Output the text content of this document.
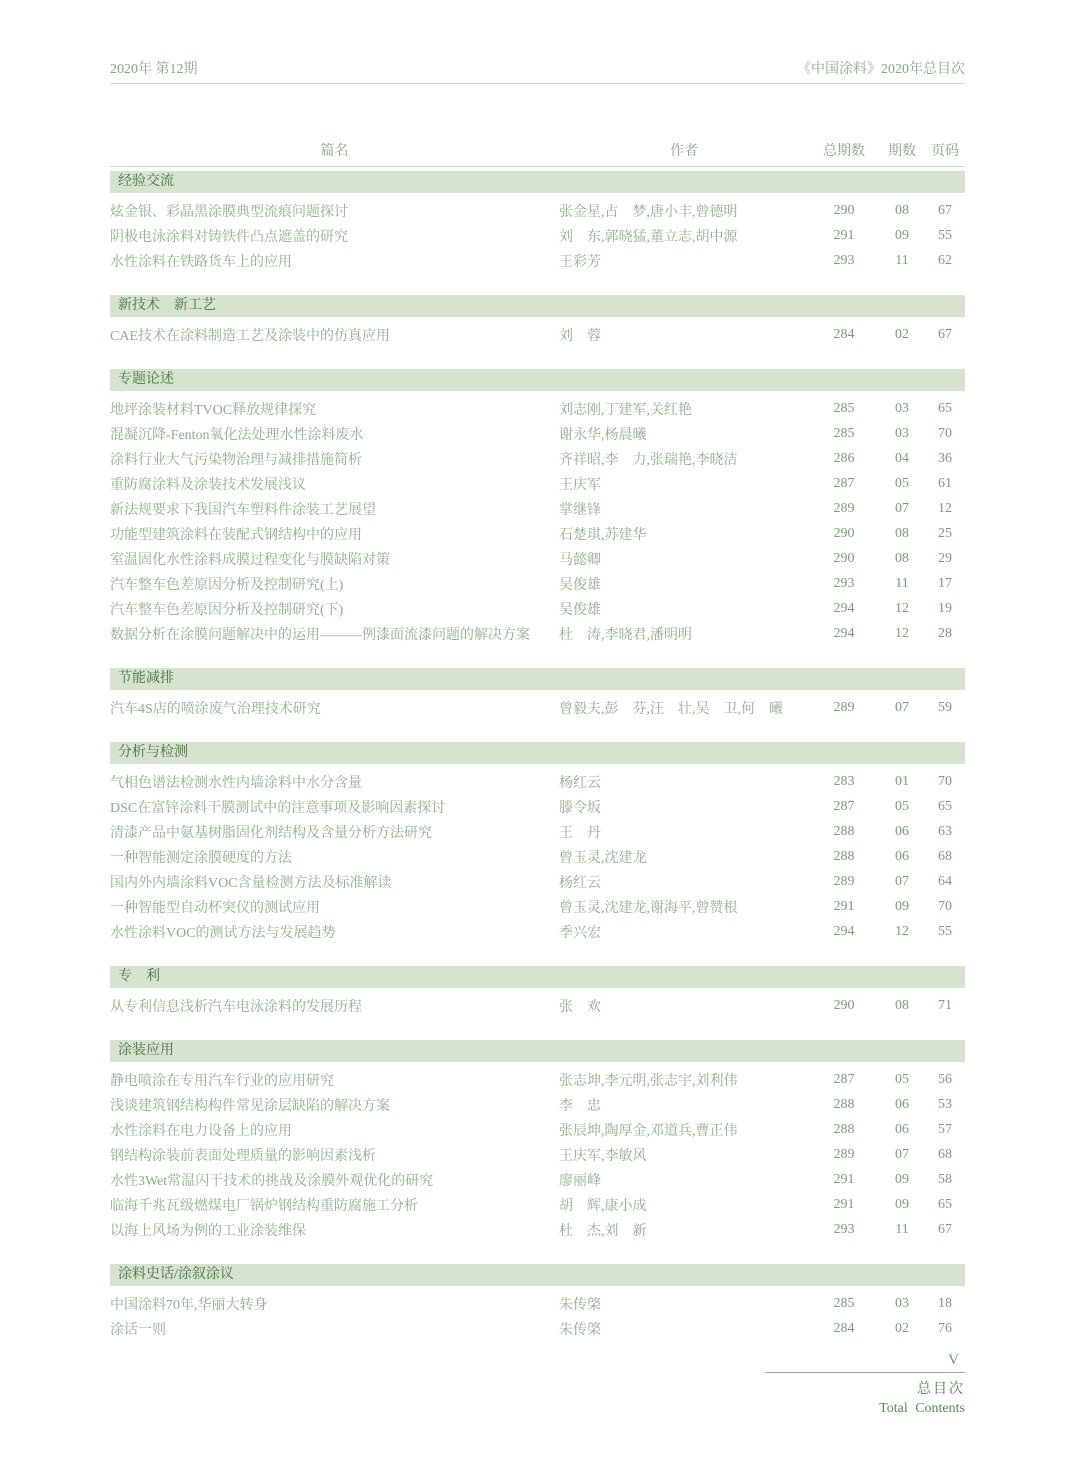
2020年 第12期	《中国涂料》2020年总目次
篇名	作者	总期数	期数	页码
经验交流
炫金银、彩晶黑涂膜典型流痕问题探讨	张金星,占　梦,唐小丰,曾德明	290	08	67
阴极电泳涂料对铸铁件凸点遮盖的研究	刘　东,郭晓猛,董立志,胡中源	291	09	55
水性涂料在铁路货车上的应用	王彩芳	293	11	62
新技术　新工艺
CAE技术在涂料制造工艺及涂装中的仿真应用	刘　蓉	284	02	67
专题论述
地坪涂装材料TVOC释放规律探究	刘志刚,丁建军,关红艳	285	03	65
混凝沉降-Fenton氧化法处理水性涂料废水	谢永华,杨晨曦	285	03	70
涂料行业大气污染物治理与减排措施简析	齐祥昭,李　力,张瑞艳,李晓洁	286	04	36
重防腐涂料及涂装技术发展浅议	王庆军	287	05	61
新法规要求下我国汽车塑料件涂装工艺展望	掌继锋	289	07	12
功能型建筑涂料在装配式钢结构中的应用	石楚琪,苏建华	290	08	25
室温固化水性涂料成膜过程变化与膜缺陷对策	马懿卿	290	08	29
汽车整车色差原因分析及控制研究(上)	吴俊雄	293	11	17
汽车整车色差原因分析及控制研究(下)	吴俊雄	294	12	19
数据分析在涂膜问题解决中的运用———例漆面流漆问题的解决方案	杜　涛,李晓君,潘明明	294	12	28
节能减排
汽车4S店的喷涂废气治理技术研究	曾毅夫,彭　芬,汪　壮,吴　卫,何　曦	289	07	59
分析与检测
气相色谱法检测水性内墙涂料中水分含量	杨红云	283	01	70
DSC在富锌涂料干膜测试中的注意事项及影响因素探讨	滕令坂	287	05	65
清漆产品中氨基树脂固化剂结构及含量分析方法研究	王　丹	288	06	63
一种智能测定涂膜硬度的方法	曾玉灵,沈建龙	288	06	68
国内外内墙涂料VOC含量检测方法及标准解读	杨红云	289	07	64
一种智能型自动杯突仪的测试应用	曾玉灵,沈建龙,谢海平,曾赞根	291	09	70
水性涂料VOC的测试方法与发展趋势	季兴宏	294	12	55
专　利
从专利信息浅析汽车电泳涂料的发展历程	张　欢	290	08	71
涂装应用
静电喷涂在专用汽车行业的应用研究	张志坤,李元明,张志宇,刘利伟	287	05	56
浅谈建筑钢结构构件常见涂层缺陷的解决方案	李　忠	288	06	53
水性涂料在电力设备上的应用	张辰坤,陶厚金,邓道兵,曹正伟	288	06	57
钢结构涂装前表面处理质量的影响因素浅析	王庆军,李敏风	289	07	68
水性3Wet常温闪干技术的挑战及涂膜外观优化的研究	廖丽峰	291	09	58
临海千兆瓦级燃煤电厂锅炉钢结构重防腐施工分析	胡　辉,康小成	291	09	65
以海上风场为例的工业涂装维保	杜　杰,刘　新	293	11	67
涂料史话/涂叙涂议
中国涂料70年,华丽大转身	朱传棨	285	03	18
涂话一则	朱传棨	284	02	76
V
总目次
Total Contents
